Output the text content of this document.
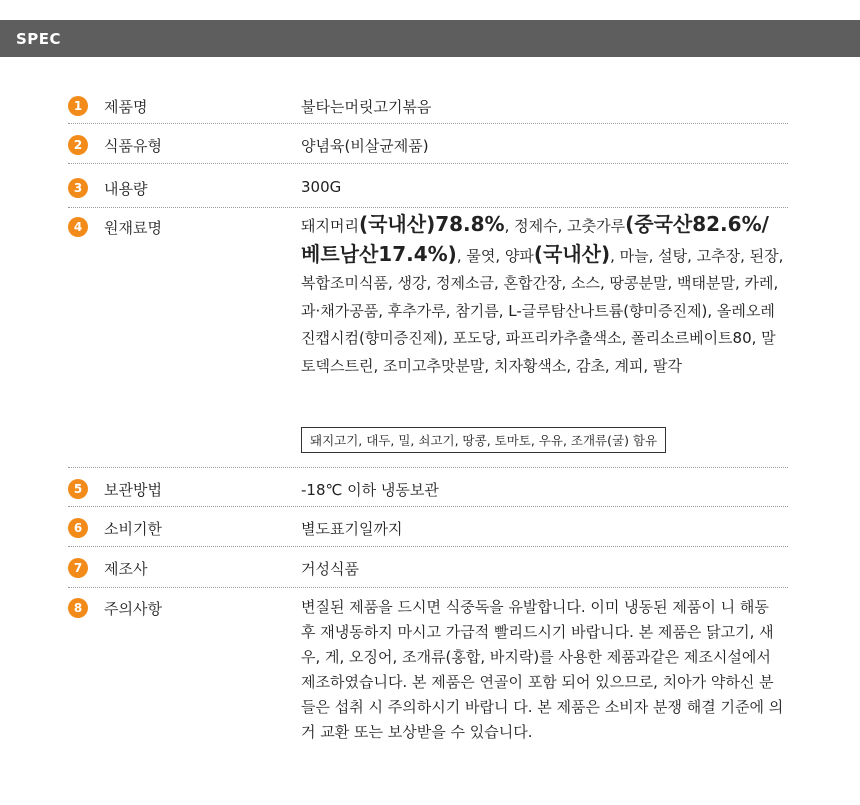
SPEC
1	제품명	불타는머릿고기볶음
2	식품유형	양념육(비살균제품)
3	내용량	300G
4	원재료명	돼지머리(국내산)78.8%, 정제수, 고춧가루(중국산82.6%/베트남산17.4%), 물엿, 양파(국내산), 마늘, 설탕, 고추장, 된장, 복합조미식품, 생강, 정제소금, 혼합간장, 소스, 땅콩분말, 백태분말, 카레, 과·채가공품, 후추가루, 참기름, L-글루탐산나트륨(향미증진제), 올레오레진캡시컴(향미증진제), 포도당, 파프리카추출색소, 폴리소르베이트80, 말토덱스트린, 조미고추맛분말, 치자황색소, 감초, 계피, 팔각
돼지고기, 대두, 밀, 쇠고기, 땅콩, 토마토, 우유, 조개류(굴) 함유
5	보관방법	-18℃ 이하 냉동보관
6	소비기한	별도표기일까지
7	제조사	거성식품
8	주의사항	변질된 제품을 드시면 식중독을 유발합니다. 이미 냉동된 제품이 니 해동 후 재냉동하지 마시고 가급적 빨리드시기 바랍니다. 본 제품은 닭고기, 새우, 게, 오징어, 조개류(홍합, 바지락)를 사용한 제품과같은 제조시설에서 제조하였습니다. 본 제품은 연골이 포함 되어 있으므로, 치아가 약하신 분들은 섭취 시 주의하시기 바랍니 다. 본 제품은 소비자 분쟁 해결 기준에 의거 교환 또는 보상받을 수 있습니다.
